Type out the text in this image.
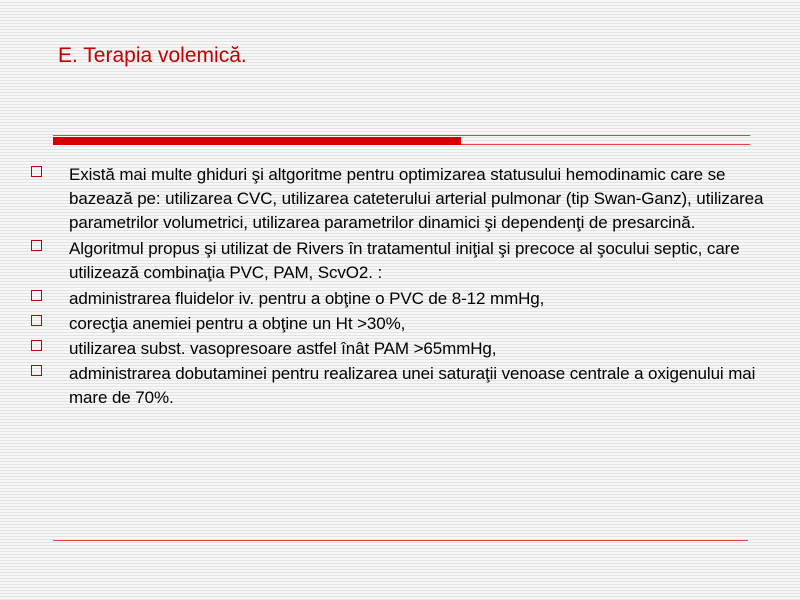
E. Terapia volemică.
Există mai multe ghiduri şi altgoritme pentru optimizarea statusului hemodinamic care se bazează pe: utilizarea CVC, utilizarea cateterului arterial pulmonar (tip Swan-Ganz), utilizarea parametrilor volumetrici, utilizarea parametrilor dinamici şi dependenţi de presarcină.
Algoritmul propus şi utilizat de Rivers în tratamentul iniţial şi precoce al şocului septic, care utilizează combinaţia PVC, PAM, ScvO2. :
administrarea fluidelor iv. pentru a obţine o PVC de 8-12 mmHg,
corecţia anemiei pentru a obţine un Ht >30%,
utilizarea subst. vasopresoare astfel înât PAM >65mmHg,
administrarea dobutaminei pentru realizarea unei saturaţii venoase centrale a oxigenului mai mare de 70%.
